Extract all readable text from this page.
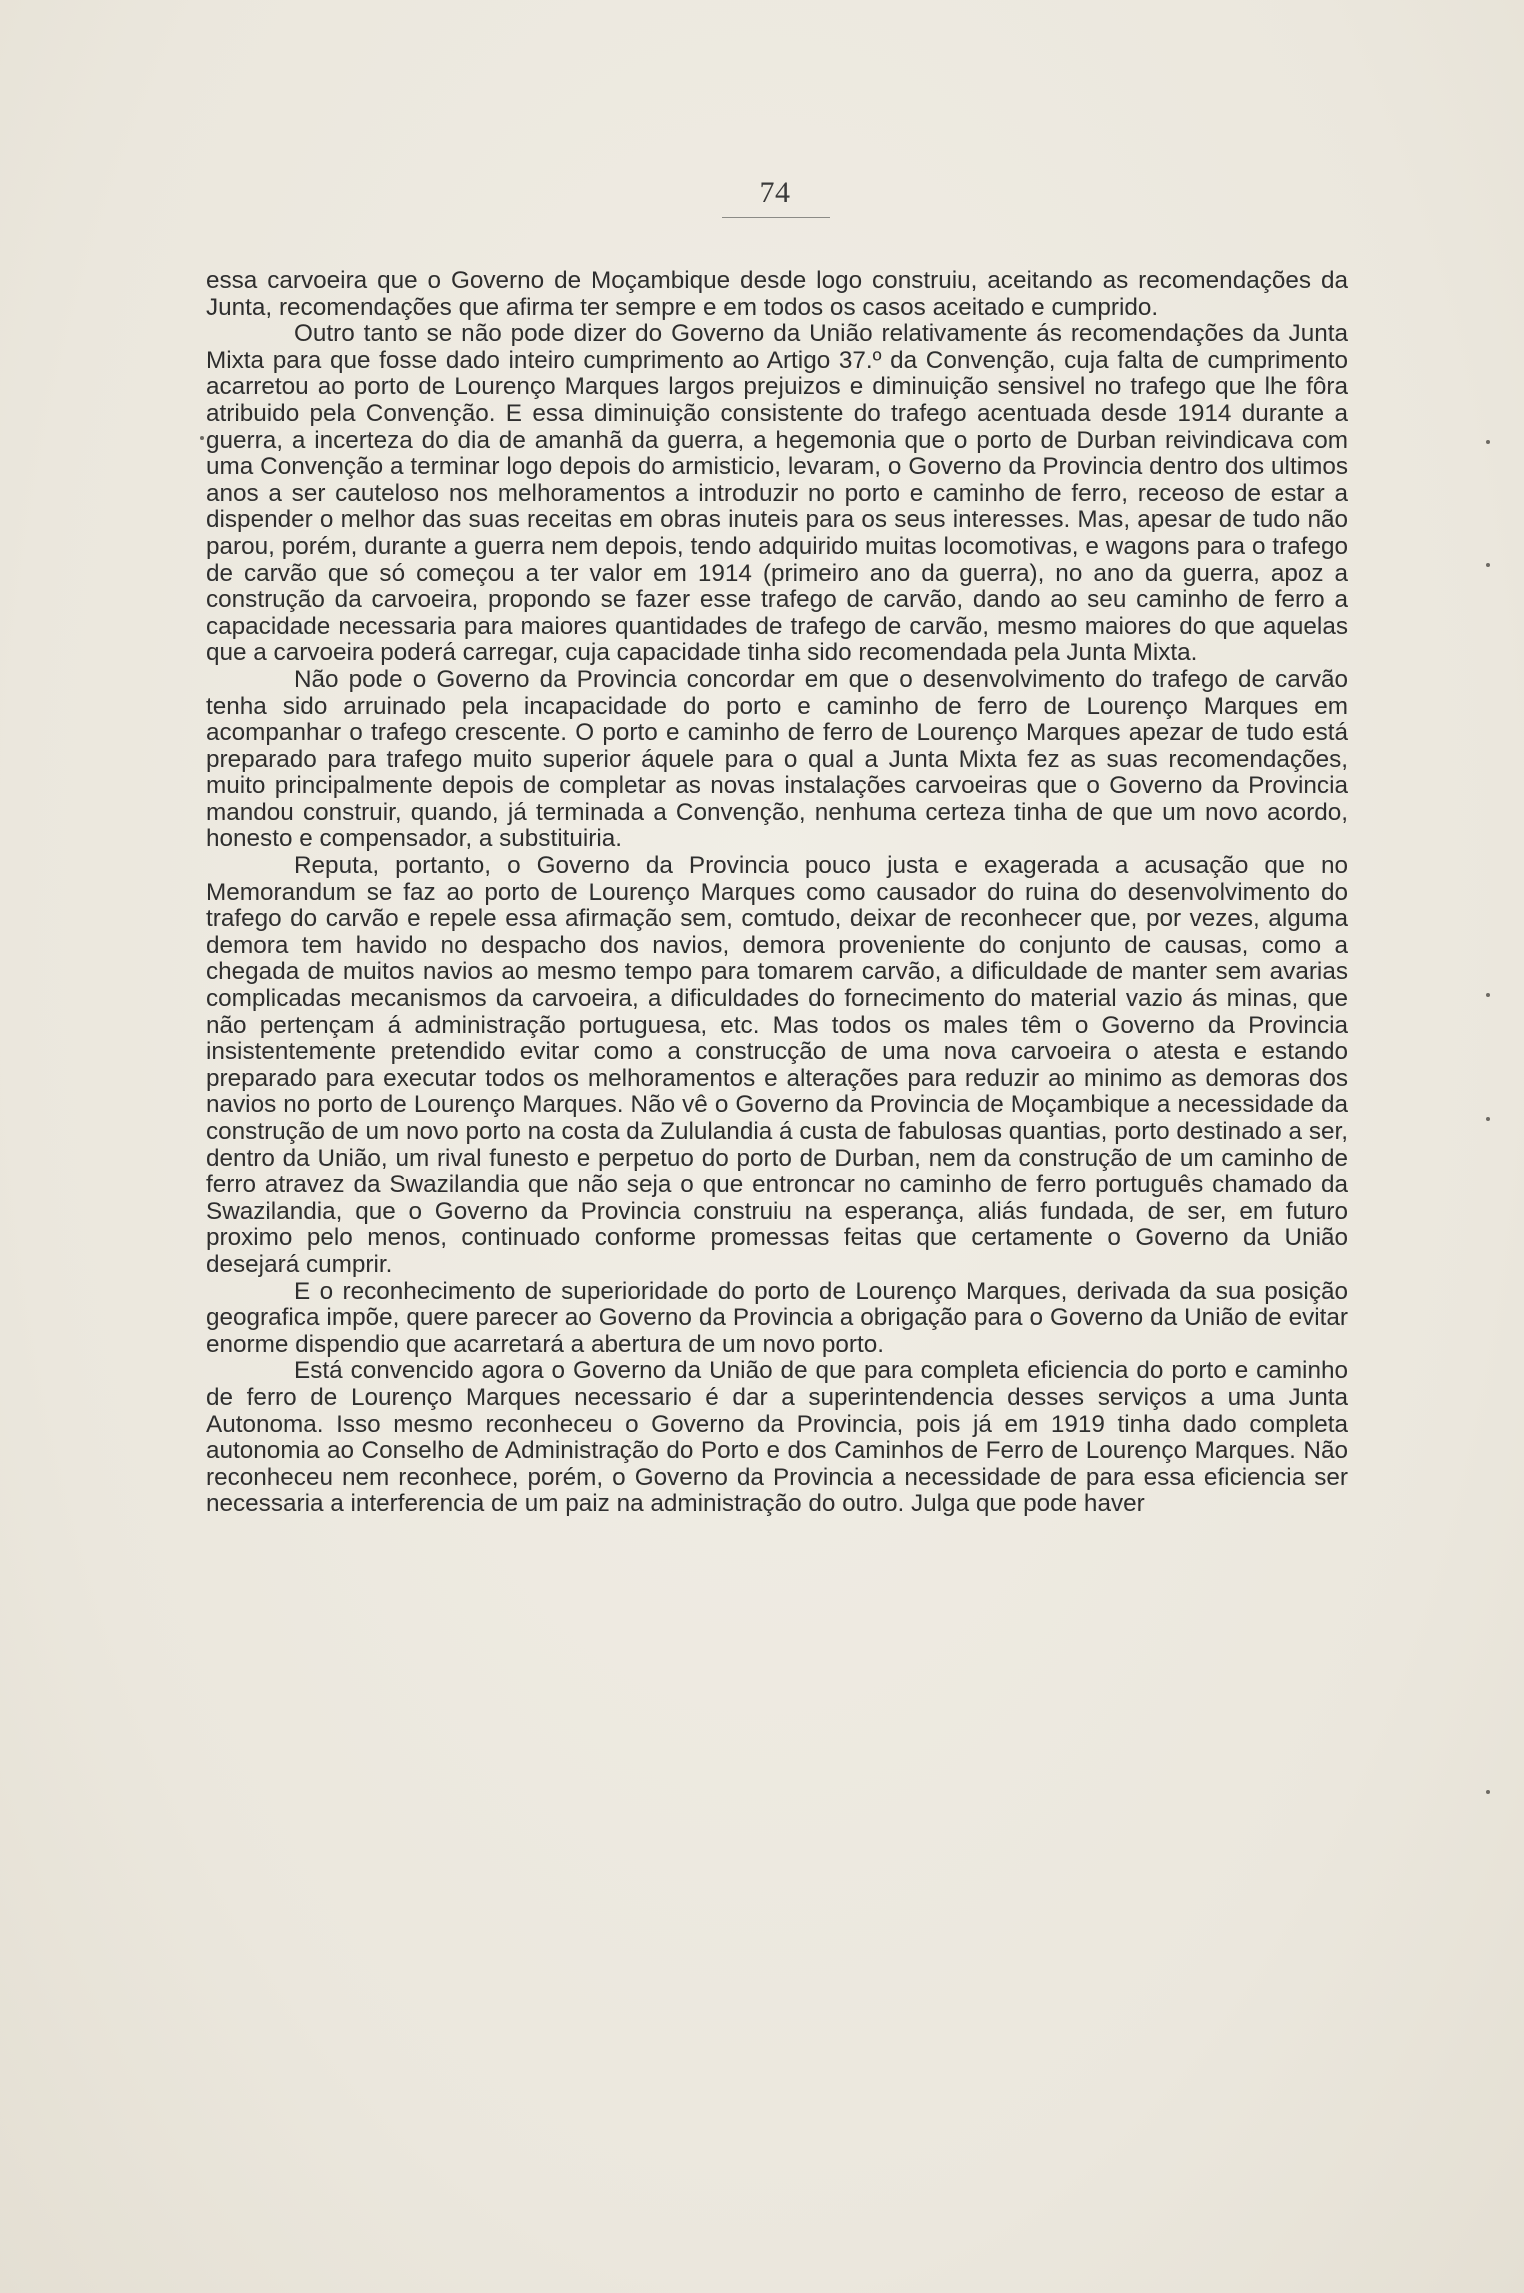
74

essa carvoeira que o Governo de Moçambique desde logo construiu, aceitando as recomendações da Junta, recomendações que afirma ter sempre e em todos os casos aceitado e cumprido.

Outro tanto se não pode dizer do Governo da União relativamente ás recomendações da Junta Mixta para que fosse dado inteiro cumprimento ao Artigo 37.º da Convenção, cuja falta de cumprimento acarretou ao porto de Lourenço Marques largos prejuizos e diminuição sensivel no trafego que lhe fôra atribuido pela Convenção. E essa diminuição consistente do trafego acentuada desde 1914 durante a guerra, a incerteza do dia de amanhã da guerra, a hegemonia que o porto de Durban reivindicava com uma Convenção a terminar logo depois do armisticio, levaram, o Governo da Provincia dentro dos ultimos anos a ser cauteloso nos melhoramentos a introduzir no porto e caminho de ferro, receoso de estar a dispender o melhor das suas receitas em obras inuteis para os seus interesses. Mas, apesar de tudo não parou, porém, durante a guerra nem depois, tendo adquirido muitas locomotivas, e wagons para o trafego de carvão que só começou a ter valor em 1914 (primeiro ano da guerra), no ano da guerra, apoz a construção da carvoeira, propondo se fazer esse trafego de carvão, dando ao seu caminho de ferro a capacidade necessaria para maiores quantidades de trafego de carvão, mesmo maiores do que aquelas que a carvoeira poderá carregar, cuja capacidade tinha sido recomendada pela Junta Mixta.

Não pode o Governo da Provincia concordar em que o desenvolvimento do trafego de carvão tenha sido arruinado pela incapacidade do porto e caminho de ferro de Lourenço Marques em acompanhar o trafego crescente. O porto e caminho de ferro de Lourenço Marques apezar de tudo está preparado para trafego muito superior áquele para o qual a Junta Mixta fez as suas recomendações, muito principalmente depois de completar as novas instalações carvoeiras que o Governo da Provincia mandou construir, quando, já terminada a Convenção, nenhuma certeza tinha de que um novo acordo, honesto e compensador, a substituiria.

Reputa, portanto, o Governo da Provincia pouco justa e exagerada a acusação que no Memorandum se faz ao porto de Lourenço Marques como causador do ruina do desenvolvimento do trafego do carvão e repele essa afirmação sem, comtudo, deixar de reconhecer que, por vezes, alguma demora tem havido no despacho dos navios, demora proveniente do conjunto de causas, como a chegada de muitos navios ao mesmo tempo para tomarem carvão, a dificuldade de manter sem avarias complicadas mecanismos da carvoeira, a dificuldades do fornecimento do material vazio ás minas, que não pertençam á administração portuguesa, etc. Mas todos os males têm o Governo da Provincia insistentemente pretendido evitar como a construcção de uma nova carvoeira o atesta e estando preparado para executar todos os melhoramentos e alterações para reduzir ao minimo as demoras dos navios no porto de Lourenço Marques. Não vê o Governo da Provincia de Moçambique a necessidade da construção de um novo porto na costa da Zululandia á custa de fabulosas quantias, porto destinado a ser, dentro da União, um rival funesto e perpetuo do porto de Durban, nem da construção de um caminho de ferro atravez da Swazilandia que não seja o que entroncar no caminho de ferro português chamado da Swazilandia, que o Governo da Provincia construiu na esperança, aliás fundada, de ser, em futuro proximo pelo menos, continuado conforme promessas feitas que certamente o Governo da União desejará cumprir.

E o reconhecimento de superioridade do porto de Lourenço Marques, derivada da sua posição geografica impõe, quere parecer ao Governo da Provincia a obrigação para o Governo da União de evitar enorme dispendio que acarretará a abertura de um novo porto.

Está convencido agora o Governo da União de que para completa eficiencia do porto e caminho de ferro de Lourenço Marques necessario é dar a superintendencia desses serviços a uma Junta Autonoma. Isso mesmo reconheceu o Governo da Provincia, pois já em 1919 tinha dado completa autonomia ao Conselho de Administração do Porto e dos Caminhos de Ferro de Lourenço Marques. Não reconheceu nem reconhece, porém, o Governo da Provincia a necessidade de para essa eficiencia ser necessaria a interferencia de um paiz na administração do outro. Julga que pode haver
